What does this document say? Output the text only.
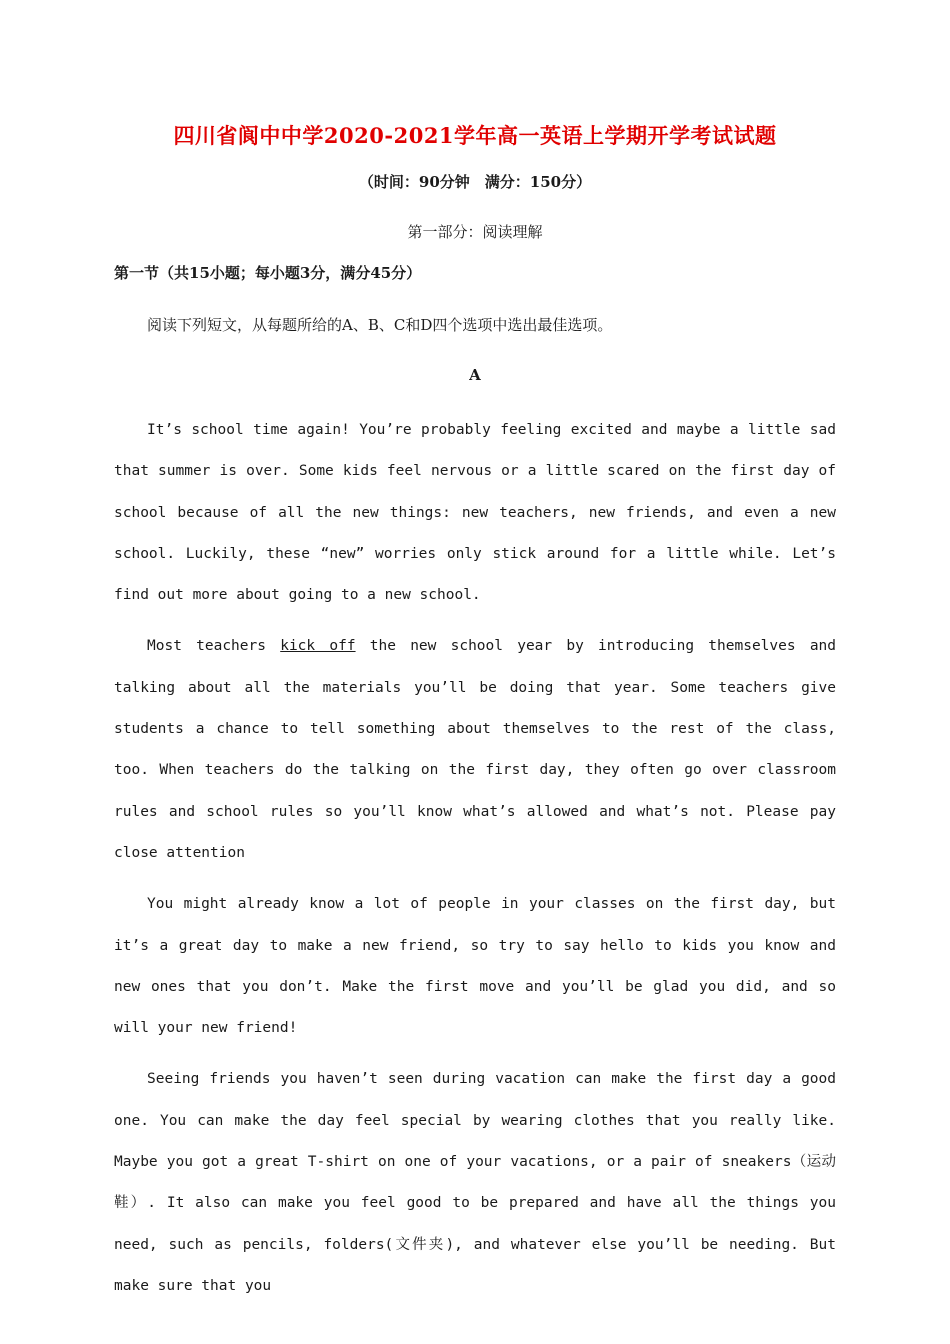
四川省阆中中学2020-2021学年高一英语上学期开学考试试题
（时间：90分钟　满分：150分）
第一部分：阅读理解
第一节（共15小题；每小题3分，满分45分）
阅读下列短文，从每题所给的A、B、C和D四个选项中选出最佳选项。
A

It’s school time again! You’re probably feeling excited and maybe a little sad that summer is over. Some kids feel nervous or a little scared on the first day of school because of all the new things: new teachers, new friends, and even a new school. Luckily, these “new” worries only stick around for a little while. Let’s find out more about going to a new school.

Most teachers kick off the new school year by introducing themselves and talking about all the materials you’ll be doing that year. Some teachers give students a chance to tell something about themselves to the rest of the class, too. When teachers do the talking on the first day, they often go over classroom rules and school rules so you’ll know what’s allowed and what’s not. Please pay close attention

You might already know a lot of people in your classes on the first day, but it’s a great day to make a new friend, so try to say hello to kids you know and new ones that you don’t. Make the first move and you’ll be glad you did, and so will your new friend!

Seeing friends you haven’t seen during vacation can make the first day a good one. You can make the day feel special by wearing clothes that you really like. Maybe you got a great T-shirt on one of your vacations, or a pair of sneakers（运动鞋）. It also can make you feel good to be prepared and have all the things you need, such as pencils, folders(文件夹), and whatever else you’ll be needing. But make sure that you
